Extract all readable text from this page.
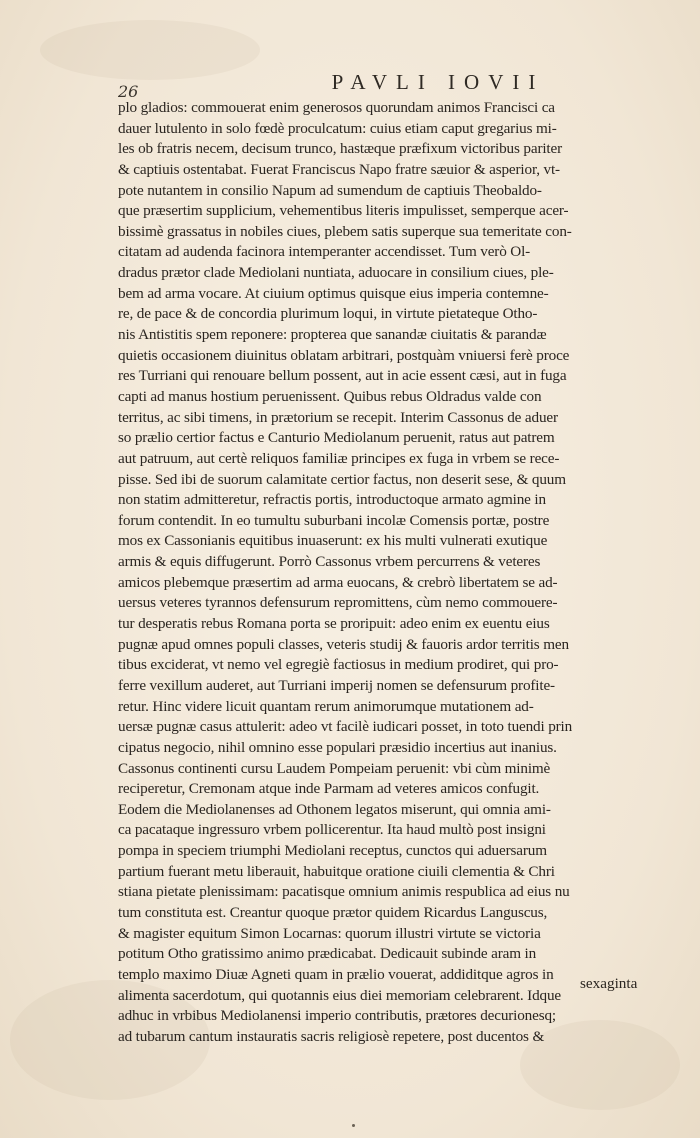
26	PAVLI IOVII
plo gladios: commouerat enim generosos quorundam animos Francisci ca
dauer lutulento in solo fœdè proculcatum: cuius etiam caput gregarius mi-
les ob fratris necem, decisum trunco, hastæque præfixum victoribus pariter
& captiuis ostentabat. Fuerat Franciscus Napo fratre sæuior & asperior, vt-
pote nutantem in consilio Napum ad sumendum de captiuis Theobaldo-
que præsertim supplicium, vehementibus literis impulisset, semperque acer-
bissimè grassatus in nobiles ciues, plebem satis superque sua temeritate con-
citatam ad audenda facinora intemperanter accendisset. Tum verò Ol-
dradus prætor clade Mediolani nuntiata, aduocare in consilium ciues, ple-
bem ad arma vocare. At ciuium optimus quisque eius imperia contemne-
re, de pace & de concordia plurimum loqui, in virtute pietateque Otho-
nis Antistitis spem reponere: propterea que sanandæ ciuitatis & parandæ
quietis occasionem diuinitus oblatam arbitrari, postquàm vniuersi ferè proce
res Turriani qui renouare bellum possent, aut in acie essent cæsi, aut in fuga
capti ad manus hostium peruenissent. Quibus rebus Oldradus valde con
territus, ac sibi timens, in prætorium se recepit. Interim Cassonus de aduer
so prælio certior factus e Canturio Mediolanum peruenit, ratus aut patrem
aut patruum, aut certè reliquos familiæ principes ex fuga in vrbem se rece-
pisse. Sed ibi de suorum calamitate certior factus, non deserit sese, & quum
non statim admitteretur, refractis portis, introductoque armato agmine in
forum contendit. In eo tumultu suburbani incolæ Comensis portæ, postre
mos ex Cassonianis equitibus inuaserunt: ex his multi vulnerati exutique
armis & equis diffugerunt. Porrò Cassonus vrbem percurrens & veteres
amicos plebemque præsertim ad arma euocans, & crebrò libertatem se ad-
uersus veteres tyrannos defensurum repromittens, cùm nemo commouere-
tur desperatis rebus Romana porta se proripuit: adeo enim ex euentu eius
pugnæ apud omnes populi classes, veteris studij & fauoris ardor territis men
tibus exciderat, vt nemo vel egregiè factiosus in medium prodiret, qui pro-
ferre vexillum auderet, aut Turriani imperij nomen se defensurum profite-
retur. Hinc videre licuit quantam rerum animorumque mutationem ad-
uersæ pugnæ casus attulerit: adeo vt facilè iudicari posset, in toto tuendi prin
cipatus negocio, nihil omnino esse populari præsidio incertius aut inanius.
Cassonus continenti cursu Laudem Pompeiam peruenit: vbi cùm minimè
reciperetur, Cremonam atque inde Parmam ad veteres amicos confugit.
Eodem die Mediolanenses ad Othonem legatos miserunt, qui omnia ami-
ca pacataque ingressuro vrbem pollicerentur. Ita haud multò post insigni
pompa in speciem triumphi Mediolani receptus, cunctos qui aduersarum
partium fuerant metu liberauit, habuitque oratione ciuili clementia & Chri
stiana pietate plenissimam: pacatisque omnium animis respublica ad eius nu
tum constituta est. Creantur quoque prætor quidem Ricardus Languscus,
& magister equitum Simon Locarnas: quorum illustri virtute se victoria
potitum Otho gratissimo animo prædicabat. Dedicauit subinde aram in
templo maximo Diuæ Agneti quam in prælio vouerat, addiditque agros in
alimenta sacerdotum, qui quotannis eius diei memoriam celebrarent. Idque
adhuc in vrbibus Mediolanensi imperio contributis, prætores decurionesq;
ad tubarum cantum instauratis sacris religiosè repetere, post ducentos &
sexaginta
